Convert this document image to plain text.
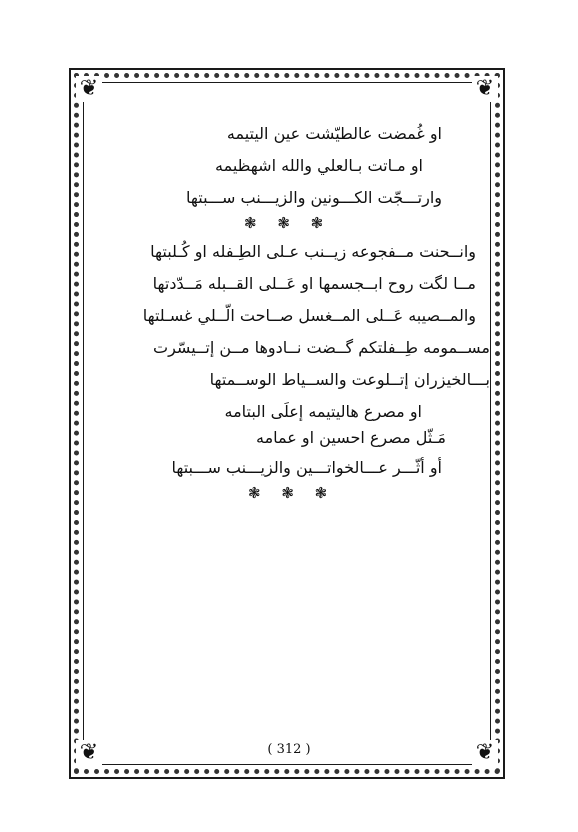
❦	❦
❦	❦
او غُمضت عالطيّشت عين اليتيمه
او مـاتت بـالعلي والله اشهظيمه
وارتـــجّت الكـــونين والزيـــنب ســـبتها
❃ ❃ ❃
وانــحنت مــفجوعه زيــنب عـلى الطِـفله او كُـلبتها
مــا لگت روح ابــجسمها او عَــلى القــبله مَــدّدتها
والمــصيبه عَــلى المــغسل صــاحت الّــلي غسـلتها
مســمومه طِــفلتكم گــضت نــادوها مــن إتــيسّرت
بـــالخيزران إتــلوعت والســياط الوســمتها
او مصرع هاليتيمه إعلَى البتامه
مَـثّل مصرع احسين او عمامه
أو أثّـــر عـــالخواتـــين والزيـــنب ســـبتها
❃ ❃ ❃
( 312 )
